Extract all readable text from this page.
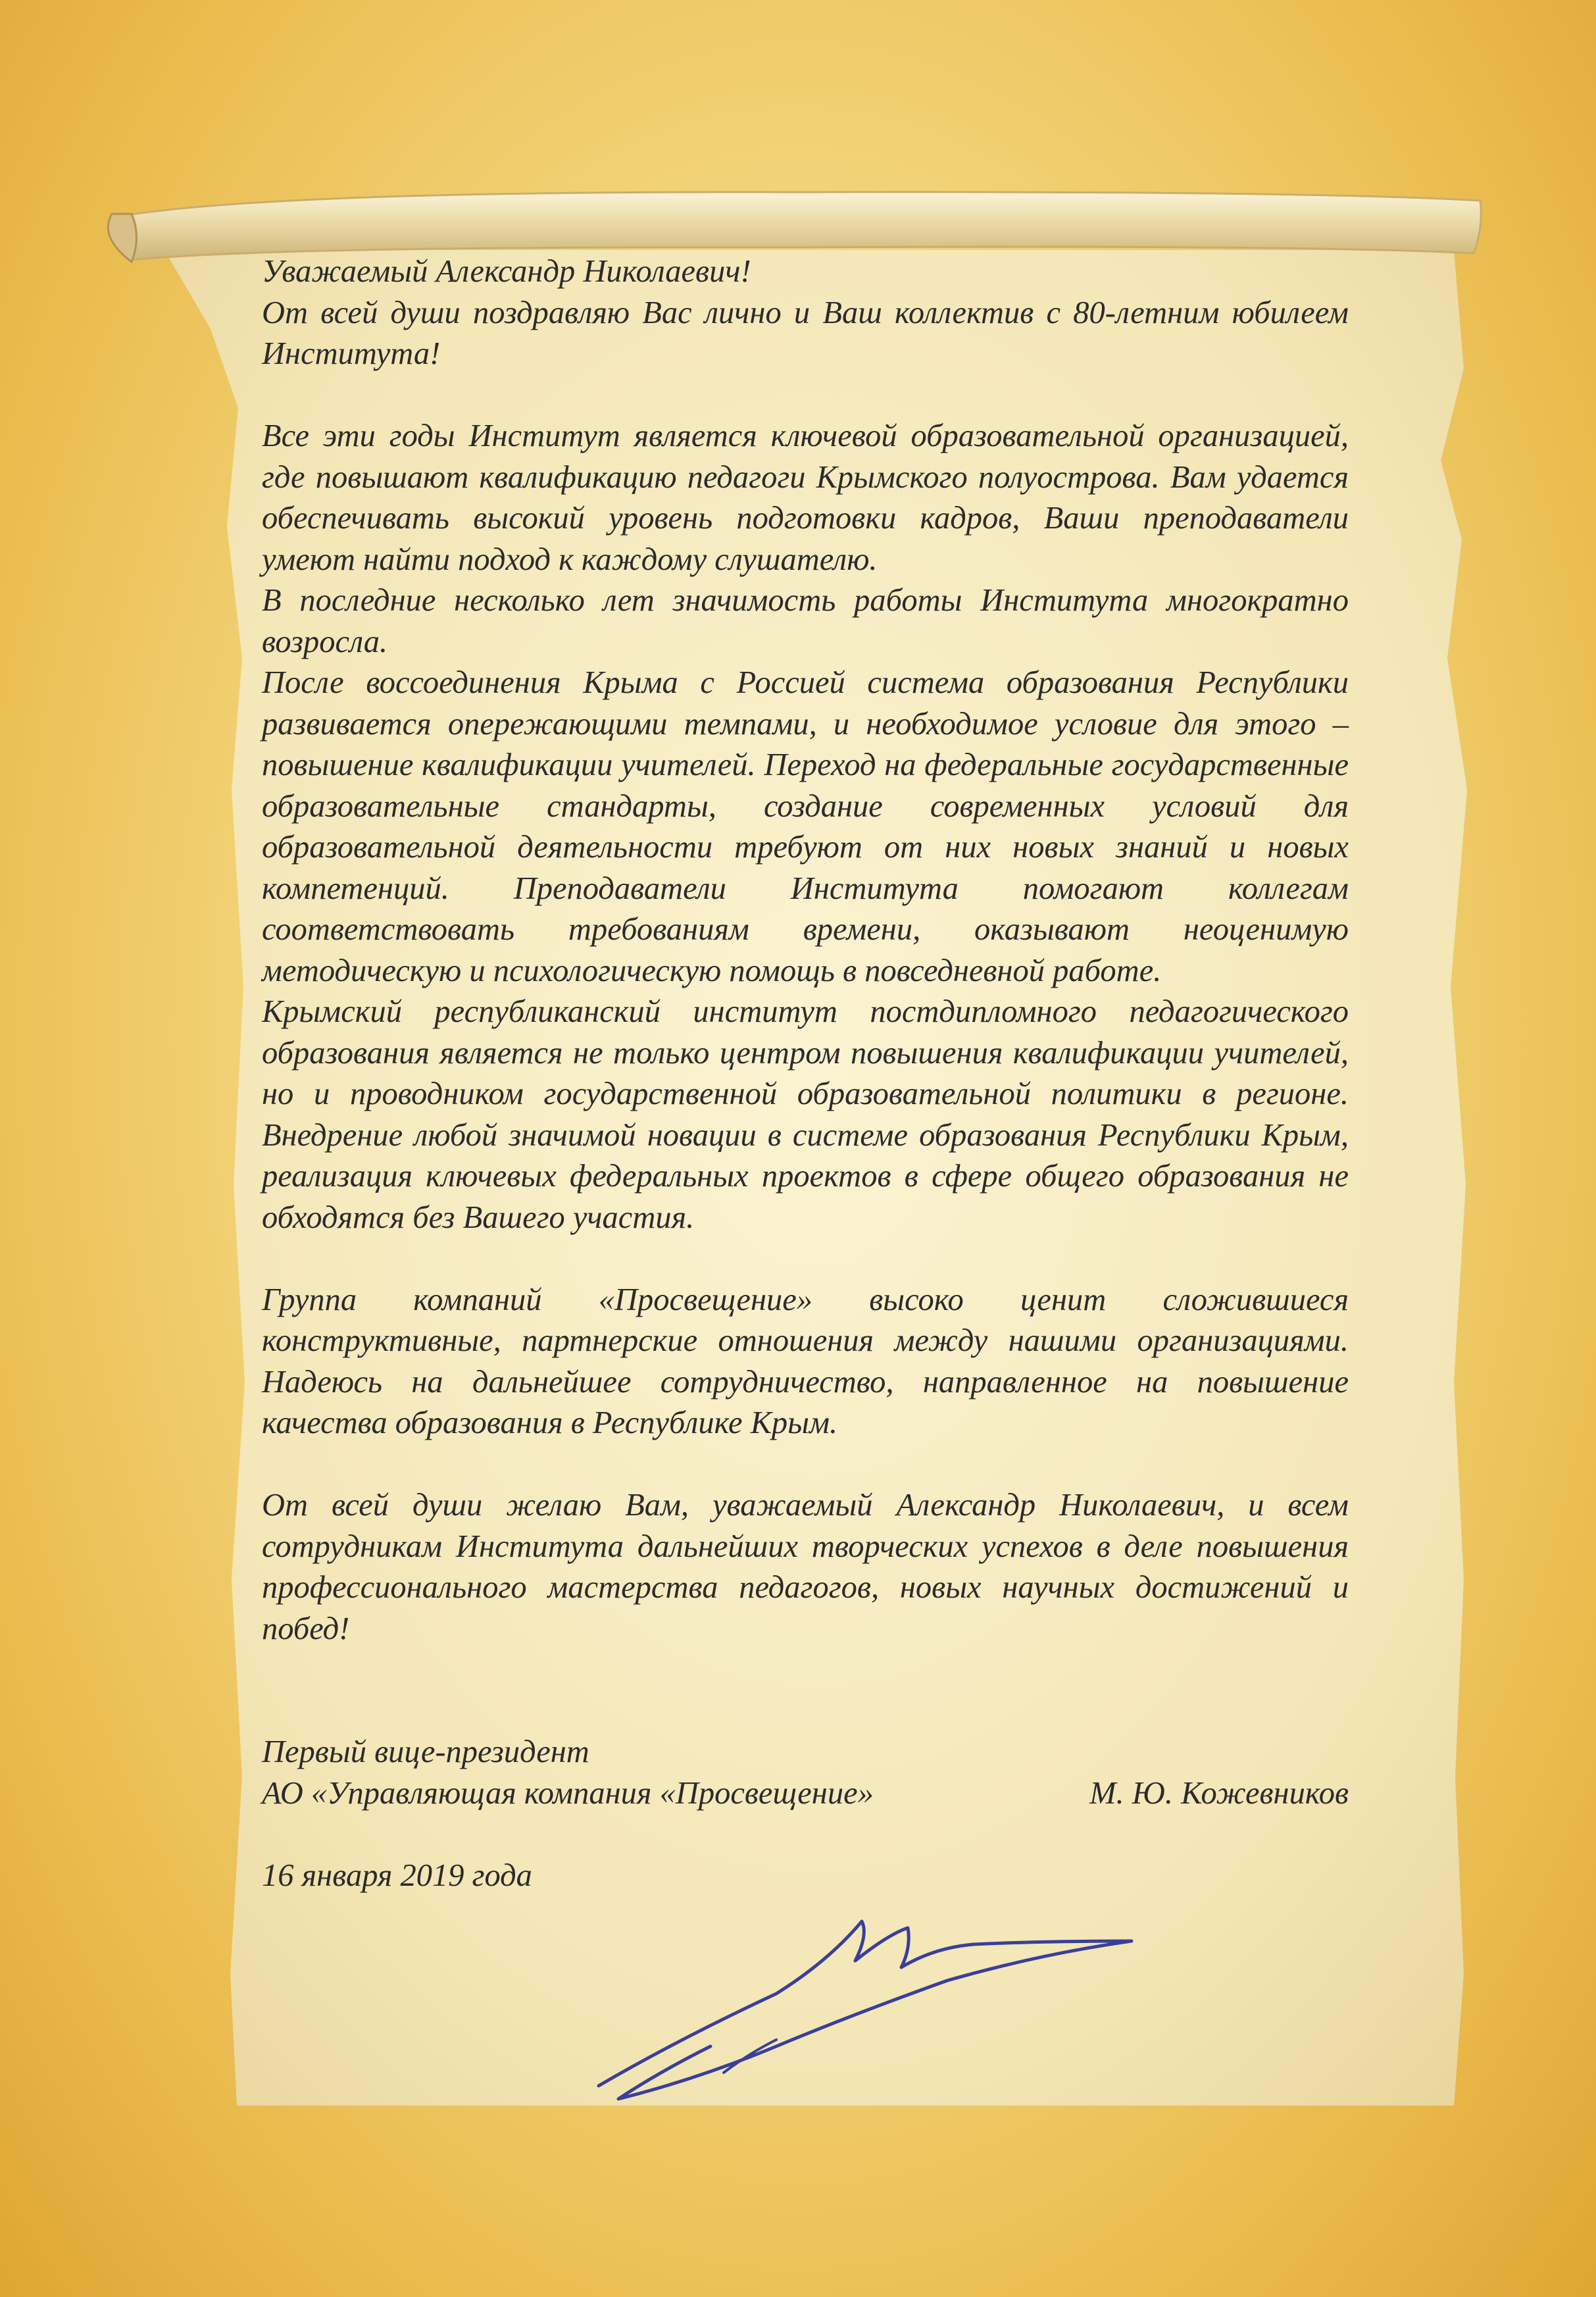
Уважаемый Александр Николаевич!

От всей души поздравляю Вас лично и Ваш коллектив с 80-летним юбилеем Института!

Все эти годы Институт является ключевой образовательной организацией, где повышают квалификацию педагоги Крымского полуострова. Вам удается обеспечивать высокий уровень подготовки кадров, Ваши преподаватели умеют найти подход к каждому слушателю.

В последние несколько лет значимость работы Института многократно возросла.

После воссоединения Крыма с Россией система образования Республики развивается опережающими темпами, и необходимое условие для этого – повышение квалификации учителей. Переход на федеральные государственные образовательные стандарты, создание современных условий для образовательной деятельности требуют от них новых знаний и новых компетенций. Преподаватели Института помогают коллегам соответствовать требованиям времени, оказывают неоценимую методическую и психологическую помощь в повседневной работе.

Крымский республиканский институт постдипломного педагогического образования является не только центром повышения квалификации учителей, но и проводником государственной образовательной политики в регионе. Внедрение любой значимой новации в системе образования Республики Крым, реализация ключевых федеральных проектов в сфере общего образования не обходятся без Вашего участия.

Группа компаний «Просвещение» высоко ценит сложившиеся конструктивные, партнерские отношения между нашими организациями. Надеюсь на дальнейшее сотрудничество, направленное на повышение качества образования в Республике Крым.

От всей души желаю Вам, уважаемый Александр Николаевич, и всем сотрудникам Института дальнейших творческих успехов в деле повышения профессионального мастерства педагогов, новых научных достижений и побед!

Первый вице-президент
АО «Управляющая компания «Просвещение»	М. Ю. Кожевников
16 января 2019 года
